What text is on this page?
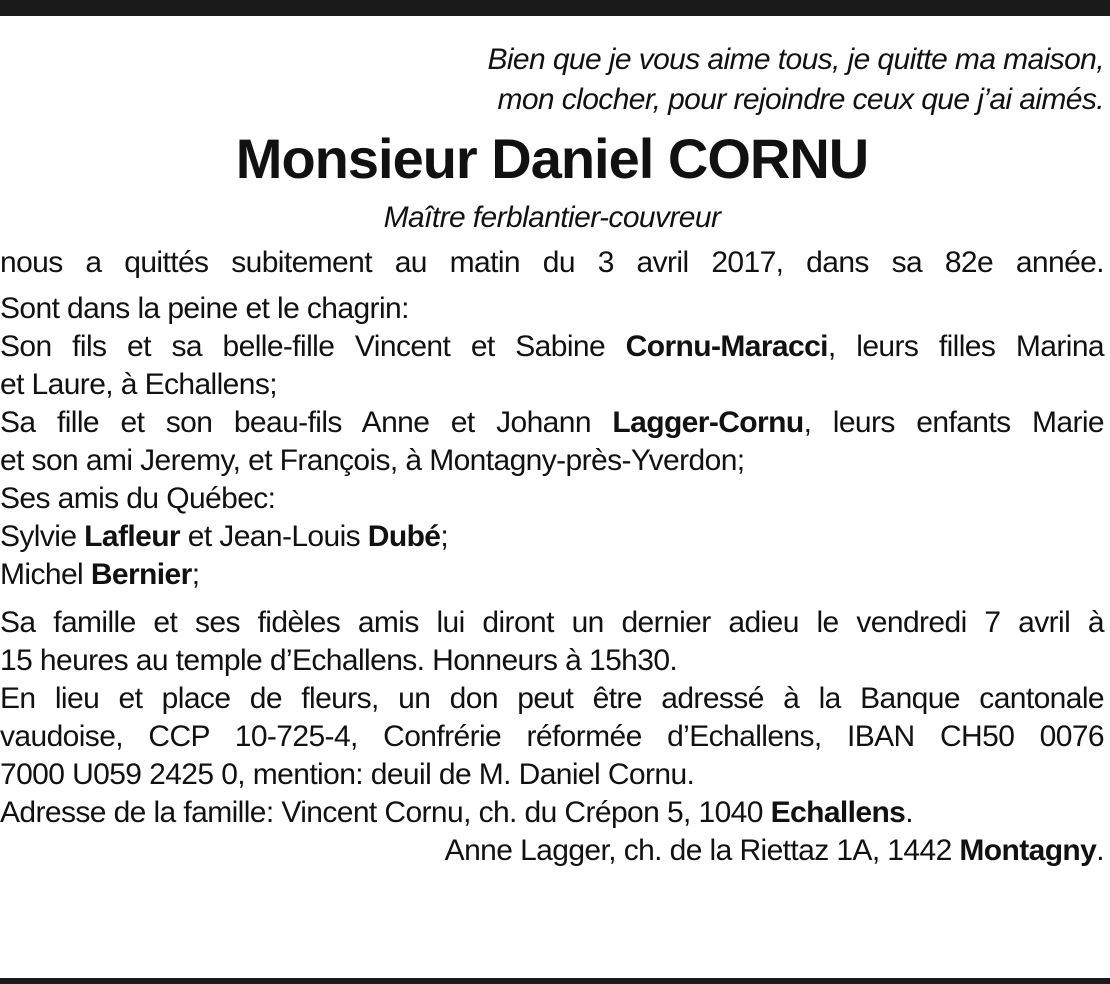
Bien que je vous aime tous, je quitte ma maison,
mon clocher, pour rejoindre ceux que j’ai aimés.
Monsieur Daniel CORNU
Maître ferblantier-couvreur

nous a quittés subitement au matin du 3 avril 2017, dans sa 82e année.

Sont dans la peine et le chagrin:
Son fils et sa belle-fille Vincent et Sabine Cornu-Maracci, leurs filles Marina
et Laure, à Echallens;
Sa fille et son beau-fils Anne et Johann Lagger-Cornu, leurs enfants Marie
et son ami Jeremy, et François, à Montagny-près-Yverdon;
Ses amis du Québec:
Sylvie Lafleur et Jean-Louis Dubé;
Michel Bernier;
Sa famille et ses fidèles amis lui diront un dernier adieu le vendredi 7 avril à
15 heures au temple d’Echallens. Honneurs à 15h30.
En lieu et place de fleurs, un don peut être adressé à la Banque cantonale
vaudoise, CCP 10-725-4, Confrérie réformée d’Echallens, IBAN CH50 0076
7000 U059 2425 0, mention: deuil de M. Daniel Cornu.
Adresse de la famille: Vincent Cornu, ch. du Crépon 5, 1040 Echallens.
Anne Lagger, ch. de la Riettaz 1A, 1442 Montagny.
